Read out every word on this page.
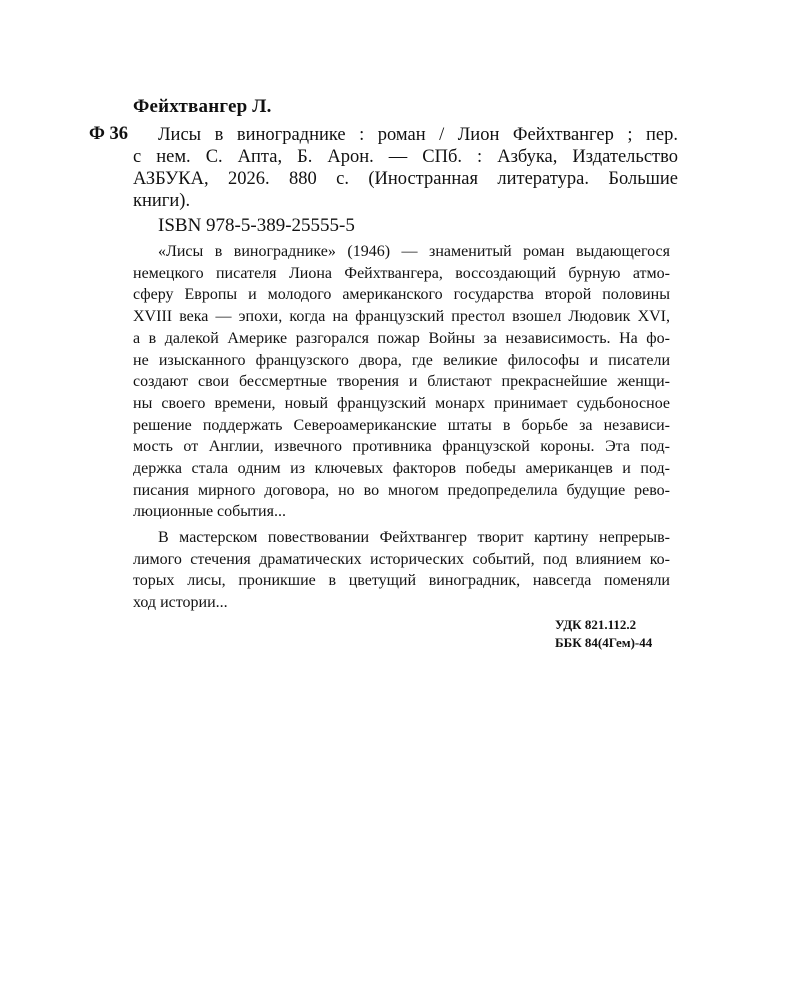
Фейхтвангер Л.
Ф 36 Лисы в винограднике : роман / Лион Фейхтвангер ; пер.
с нем. С. Апта, Б. Арон. — СПб. : Азбука, Издательство
АЗБУКА, 2026. 880 с. (Иностранная литература. Большие
книги).
ISBN 978-5-389-25555-5
«Лисы в винограднике» (1946) — знаменитый роман выдающегося
немецкого писателя Лиона Фейхтвангера, воссоздающий бурную атмо-
сферу Европы и молодого американского государства второй половины
XVIII века — эпохи, когда на французский престол взошел Людовик XVI,
а в далекой Америке разгорался пожар Войны за независимость. На фо-
не изысканного французского двора, где великие философы и писатели
создают свои бессмертные творения и блистают прекраснейшие женщи-
ны своего времени, новый французский монарх принимает судьбоносное
решение поддержать Североамериканские штаты в борьбе за независи-
мость от Англии, извечного противника французской короны. Эта под-
держка стала одним из ключевых факторов победы американцев и под-
писания мирного договора, но во многом предопределила будущие рево-
люционные события...
В мастерском повествовании Фейхтвангер творит картину непрерыв-
лимого стечения драматических исторических событий, под влиянием ко-
торых лисы, проникшие в цветущий виноградник, навсегда поменяли
ход истории...
УДК 821.112.2
ББК 84(4Гем)-44
